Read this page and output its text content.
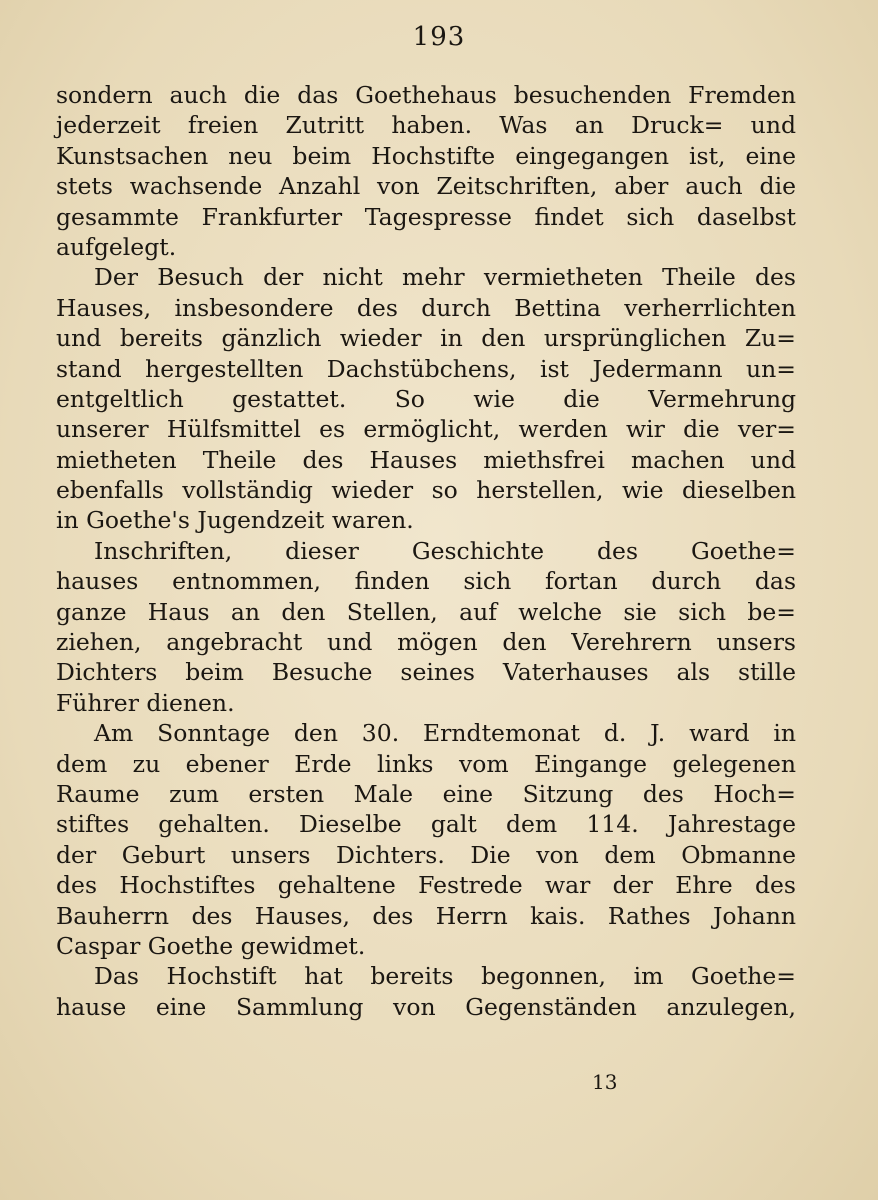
193
sondern auch die das Goethehaus besuchenden Fremden
jederzeit freien Zutritt haben. Was an Druck= und
Kunstsachen neu beim Hochstifte eingegangen ist, eine
stets wachsende Anzahl von Zeitschriften, aber auch die
gesammte Frankfurter Tagespresse findet sich daselbst
aufgelegt.
Der Besuch der nicht mehr vermietheten Theile des
Hauses, insbesondere des durch Bettina verherrlichten
und bereits gänzlich wieder in den ursprünglichen Zu=
stand hergestellten Dachstübchens, ist Jedermann un=
entgeltlich gestattet. So wie die Vermehrung
unserer Hülfsmittel es ermöglicht, werden wir die ver=
mietheten Theile des Hauses miethsfrei machen und
ebenfalls vollständig wieder so herstellen, wie dieselben
in Goethe's Jugendzeit waren.
Inschriften, dieser Geschichte des Goethe=
hauses entnommen, finden sich fortan durch das
ganze Haus an den Stellen, auf welche sie sich be=
ziehen, angebracht und mögen den Verehrern unsers
Dichters beim Besuche seines Vaterhauses als stille
Führer dienen.
Am Sonntage den 30. Erndtemonat d. J. ward in
dem zu ebener Erde links vom Eingange gelegenen
Raume zum ersten Male eine Sitzung des Hoch=
stiftes gehalten. Dieselbe galt dem 114. Jahrestage
der Geburt unsers Dichters. Die von dem Obmanne
des Hochstiftes gehaltene Festrede war der Ehre des
Bauherrn des Hauses, des Herrn kais. Rathes Johann
Caspar Goethe gewidmet.
Das Hochstift hat bereits begonnen, im Goethe=
hause eine Sammlung von Gegenständen anzulegen,
13
